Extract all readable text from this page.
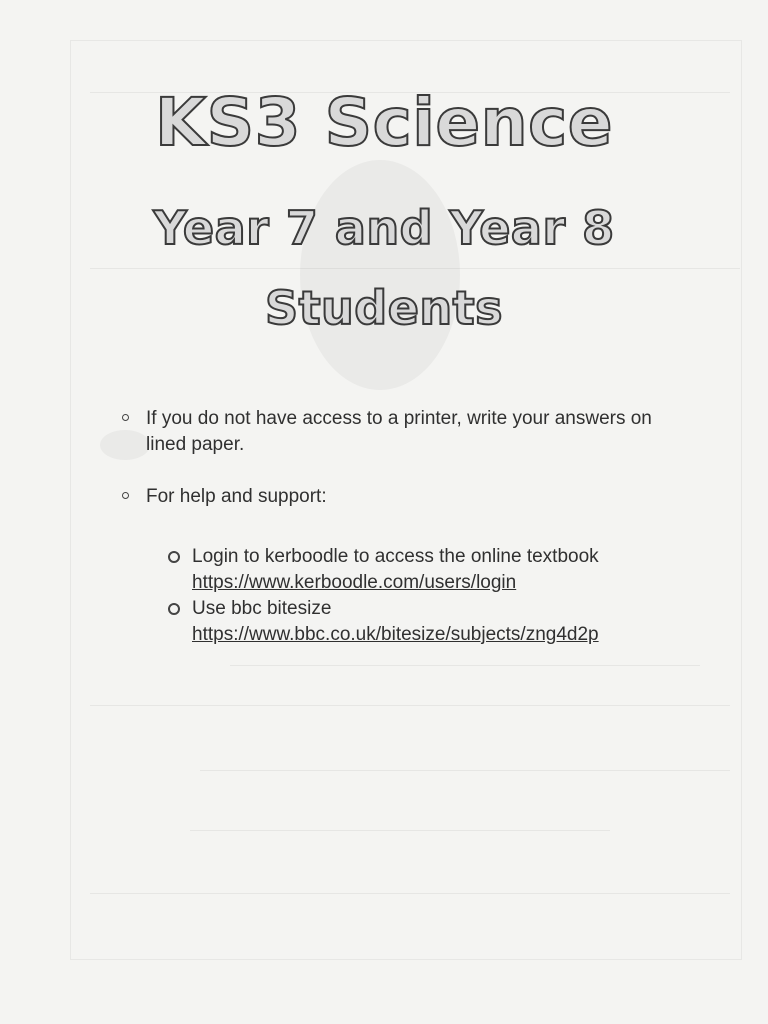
KS3 Science
Year 7 and Year 8
Students
If you do not have access to a printer, write your answers on lined paper.
For help and support:
Login to kerboodle to access the online textbook https://www.kerboodle.com/users/login
Use bbc bitesize
https://www.bbc.co.uk/bitesize/subjects/zng4d2p
